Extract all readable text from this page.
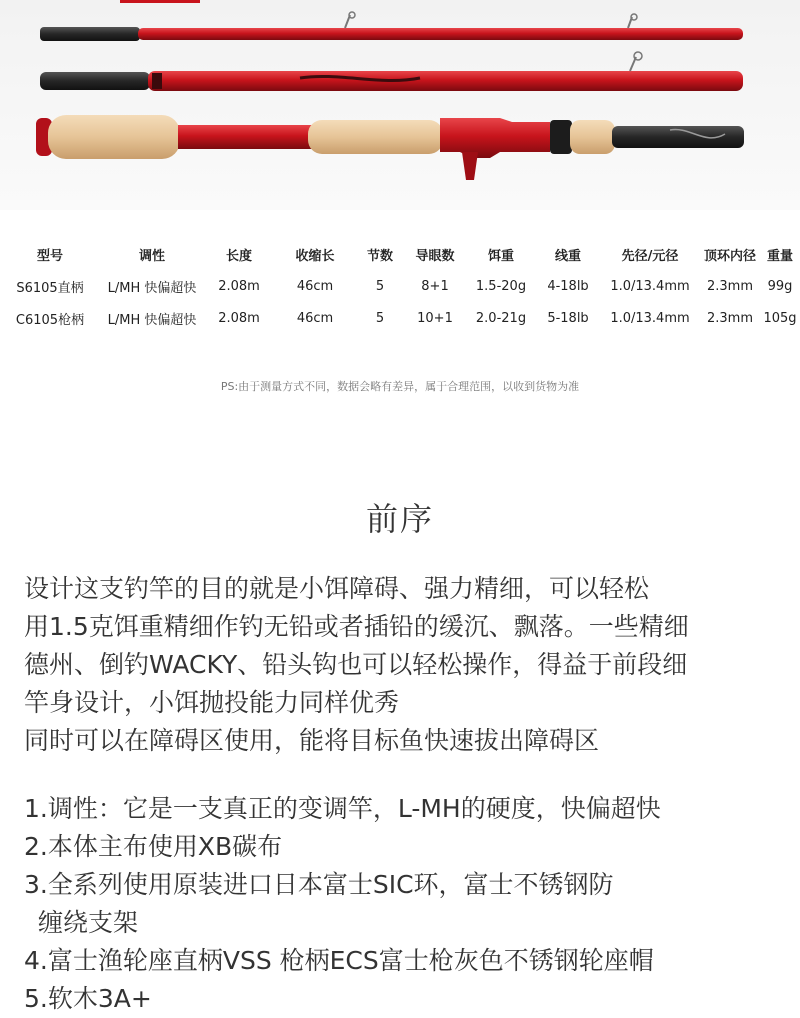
型号	调性	长度	收缩长	节数	导眼数	饵重	线重	先径/元径	顶环内径	重量
S6105直柄	L/MH 快偏超快	2.08m	46cm	5	8+1	1.5-20g	4-18lb	1.0/13.4mm	2.3mm	99g
C6105枪柄	L/MH 快偏超快	2.08m	46cm	5	10+1	2.0-21g	5-18lb	1.0/13.4mm	2.3mm	105g
PS:由于测量方式不同，数据会略有差异，属于合理范围，以收到货物为准
前序

设计这支钓竿的目的就是小饵障碍、强力精细，可以轻松

用1.5克饵重精细作钓无铅或者插铅的缓沉、飘落。一些精细

德州、倒钓WACKY、铅头钩也可以轻松操作，得益于前段细

竿身设计，小饵抛投能力同样优秀

同时可以在障碍区使用，能将目标鱼快速拔出障碍区

1.调性：它是一支真正的变调竿，L-MH的硬度，快偏超快

2.本体主布使用XB碳布

3.全系列使用原装进口日本富士SIC环，富士不锈钢防

缠绕支架

4.富士渔轮座直柄VSS 枪柄ECS富士枪灰色不锈钢轮座帽

5.软木3A+
